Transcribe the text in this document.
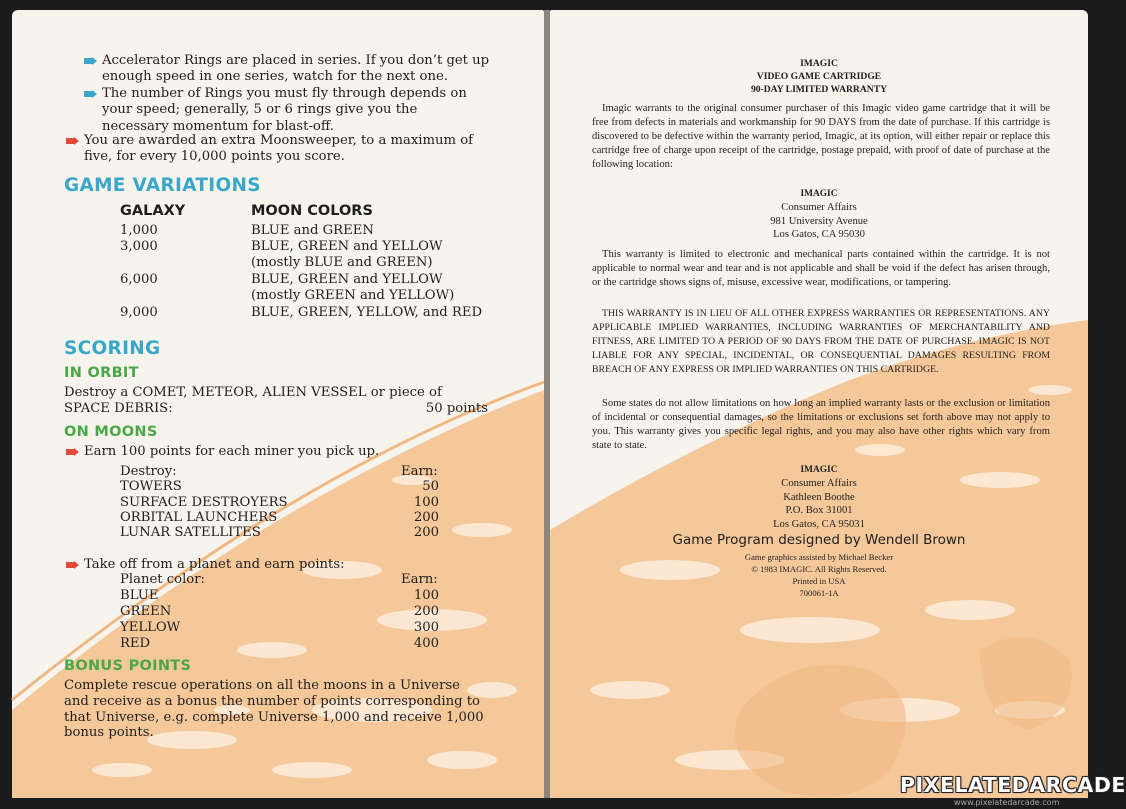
Accelerator Rings are placed in series. If you don’t get up
enough speed in one series, watch for the next one.
The number of Rings you must fly through depends on
your speed; generally, 5 or 6 rings give you the
necessary momentum for blast-off.
You are awarded an extra Moonsweeper, to a maximum of
five, for every 10,000 points you score.
GAME VARIATIONS
GALAXY	MOON COLORS
1,000	BLUE and GREEN
3,000	BLUE, GREEN and YELLOW
(mostly BLUE and GREEN)
6,000	BLUE, GREEN and YELLOW
(mostly GREEN and YELLOW)
9,000	BLUE, GREEN, YELLOW, and RED
SCORING
IN ORBIT
Destroy a COMET, METEOR, ALIEN VESSEL or piece of
SPACE DEBRIS:	50 points
ON MOONS
Earn 100 points for each miner you pick up.
Destroy:	Earn:
TOWERS	50
SURFACE DESTROYERS	100
ORBITAL LAUNCHERS	200
LUNAR SATELLITES	200
Take off from a planet and earn points:
Planet color:	Earn:
BLUE	100
GREEN	200
YELLOW	300
RED	400
BONUS POINTS
Complete rescue operations on all the moons in a Universe
and receive as a bonus the number of points corresponding to
that Universe, e.g. complete Universe 1,000 and receive 1,000
bonus points.
IMAGIC
VIDEO GAME CARTRIDGE
90-DAY LIMITED WARRANTY
Imagic warrants to the original consumer purchaser of this Imagic video game cartridge that it will be free from defects in materials and workmanship for 90 DAYS from the date of purchase. If this cartridge is discovered to be defective within the warranty period, Imagic, at its option, will either repair or replace this cartridge free of charge upon receipt of the cartridge, postage prepaid, with proof of date of purchase at the following location:
IMAGIC
Consumer Affairs
981 University Avenue
Los Gatos, CA 95030
This warranty is limited to electronic and mechanical parts contained within the cartridge. It is not applicable to normal wear and tear and is not applicable and shall be void if the defect has arisen through, or the cartridge shows signs of, misuse, excessive wear, modifications, or tampering.
THIS WARRANTY IS IN LIEU OF ALL OTHER EXPRESS WARRANTIES OR REPRESENTATIONS. ANY APPLICABLE IMPLIED WARRANTIES, INCLUDING WARRANTIES OF MERCHANTABILITY AND FITNESS, ARE LIMITED TO A PERIOD OF 90 DAYS FROM THE DATE OF PURCHASE. IMAGIC IS NOT LIABLE FOR ANY SPECIAL, INCIDENTAL, OR CONSEQUENTIAL DAMAGES RESULTING FROM BREACH OF ANY EXPRESS OR IMPLIED WARRANTIES ON THIS CARTRIDGE.
Some states do not allow limitations on how long an implied warranty lasts or the exclusion or limitation of incidental or consequential damages, so the limitations or exclusions set forth above may not apply to you. This warranty gives you specific legal rights, and you may also have other rights which vary from state to state.
IMAGIC
Consumer Affairs
Kathleen Boothe
P.O. Box 31001
Los Gatos, CA 95031
Game Program designed by Wendell Brown
Game graphics assisted by Michael Becker
© 1983 IMAGIC. All Rights Reserved.
Printed in USA
700061-1A
PIXELATEDARCADE
www.pixelatedarcade.com
